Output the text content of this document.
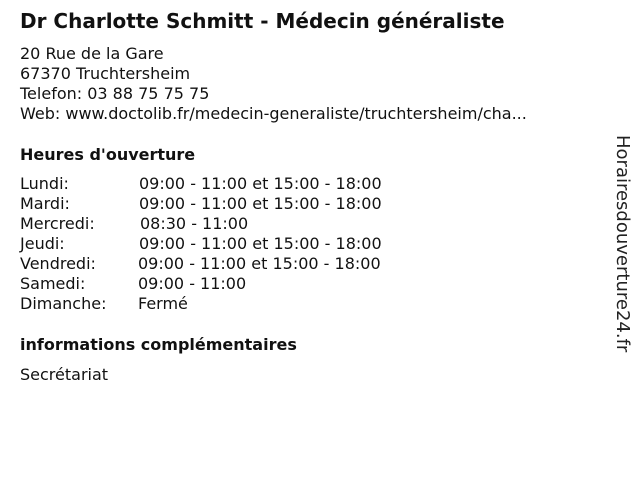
Dr Charlotte Schmitt - Médecin généraliste
20 Rue de la Gare
67370 Truchtersheim
Telefon: 03 88 75 75 75
Web: www.doctolib.fr/medecin-generaliste/truchtersheim/cha...
Heures d'ouverture
Lundi:	09:00 - 11:00 et 15:00 - 18:00
Mardi:	09:00 - 11:00 et 15:00 - 18:00
Mercredi:	08:30 - 11:00
Jeudi:	09:00 - 11:00 et 15:00 - 18:00
Vendredi:	09:00 - 11:00 et 15:00 - 18:00
Samedi:	09:00 - 11:00
Dimanche: Fermé
informations complémentaires
Secrétariat
Horairesdouverture24.fr
